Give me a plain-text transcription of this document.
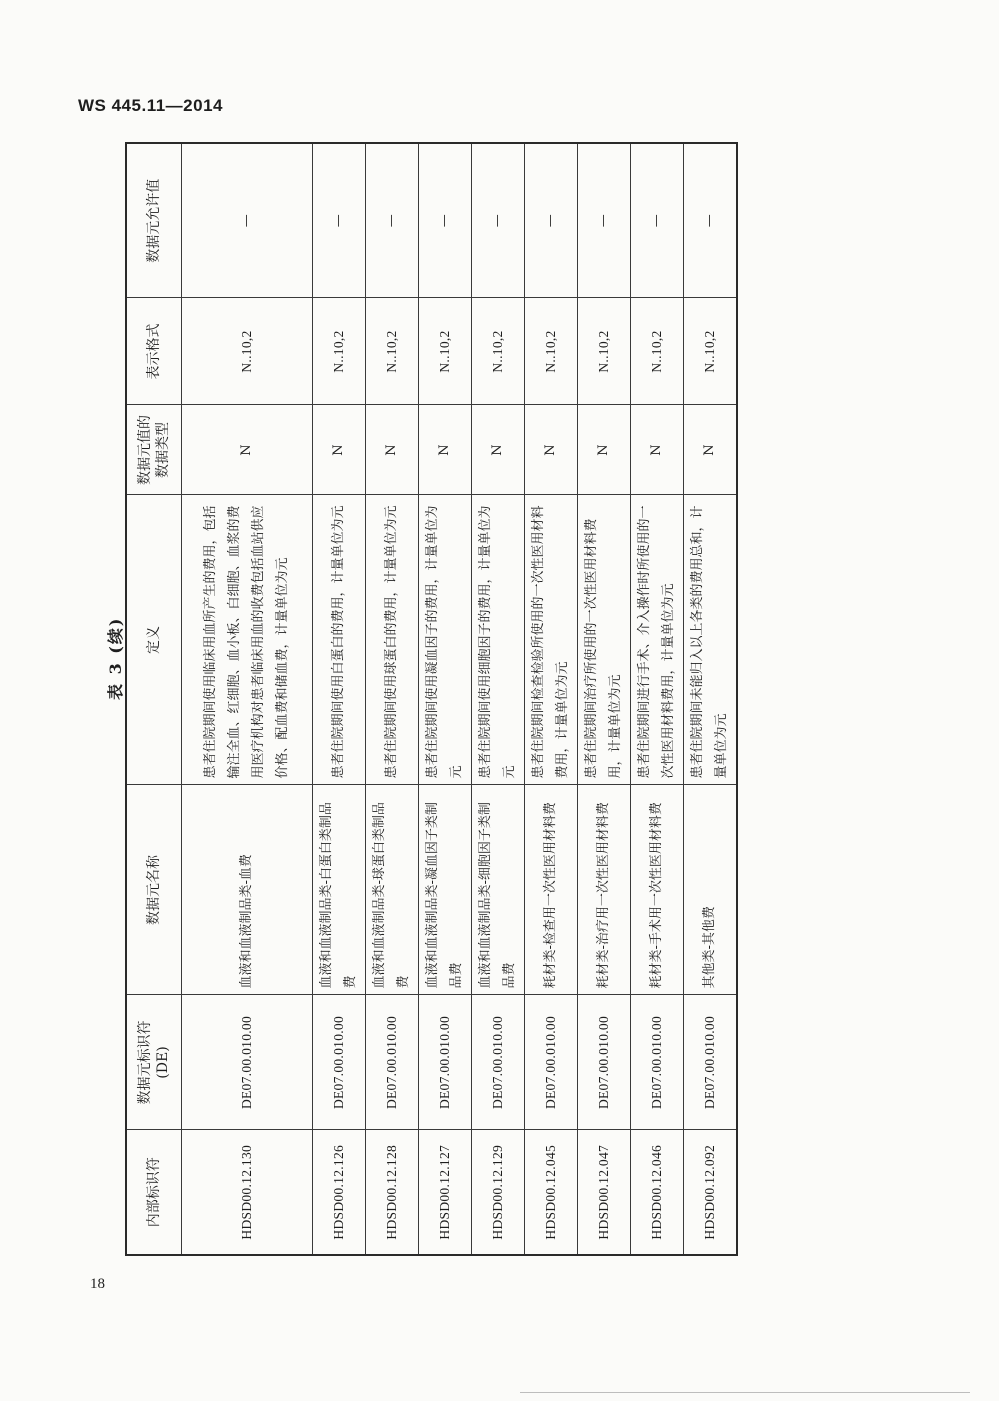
WS 445.11—2014
表 3 (续)
内部标识符	数据元标识符 (DE)	数据元名称	定义	数据元值的 数据类型	表示格式	数据元允许值
HDSD00.12.130	DE07.00.010.00	血液和血液制品类-血费	患者住院期间使用临床用血所产生的费用，包括输注全血、红细胞、血小板、白细胞、血浆的费用医疗机构对患者临床用血的收费包括血站供应价格、配血费和储血费，计量单位为元	N	N..10,2	—
HDSD00.12.126	DE07.00.010.00	血液和血液制品类-白蛋白类制品费	患者住院期间使用白蛋白的费用，计量单位为元	N	N..10,2	—
HDSD00.12.128	DE07.00.010.00	血液和血液制品类-球蛋白类制品费	患者住院期间使用球蛋白的费用，计量单位为元	N	N..10,2	—
HDSD00.12.127	DE07.00.010.00	血液和血液制品类-凝血因子类制品费	患者住院期间使用凝血因子的费用，计量单位为元	N	N..10,2	—
HDSD00.12.129	DE07.00.010.00	血液和血液制品类-细胞因子类制品费	患者住院期间使用细胞因子的费用，计量单位为元	N	N..10,2	—
HDSD00.12.045	DE07.00.010.00	耗材类-检查用一次性医用材料费	患者住院期间检查检验所使用的一次性医用材料费用，计量单位为元	N	N..10,2	—
HDSD00.12.047	DE07.00.010.00	耗材类-治疗用一次性医用材料费	患者住院期间治疗所使用的一次性医用材料费用，计量单位为元	N	N..10,2	—
HDSD00.12.046	DE07.00.010.00	耗材类-手术用一次性医用材料费	患者住院期间进行手术、介入操作时所使用的一次性医用材料费用，计量单位为元	N	N..10,2	—
HDSD00.12.092	DE07.00.010.00	其他类-其他费	患者住院期间未能归入以上各类的费用总和，计量单位为元	N	N..10,2	—
18
